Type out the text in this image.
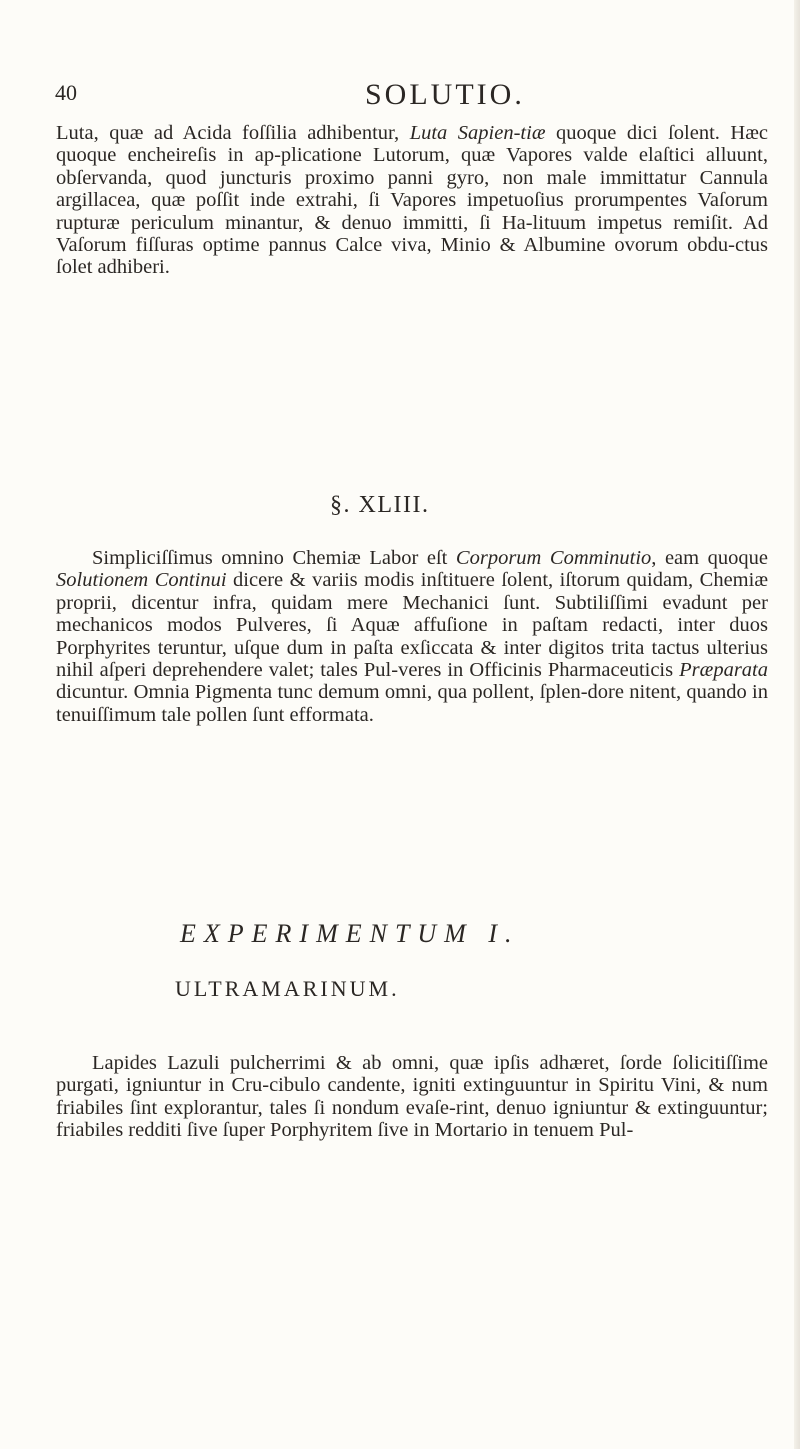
40	SOLUTIO.

Luta, quæ ad Acida foſſilia adhibentur, Luta Sapien-tiæ quoque dici ſolent. Hæc quoque encheireſis in ap-plicatione Lutorum, quæ Vapores valde elaſtici alluunt, obſervanda, quod juncturis proximo panni gyro, non male immittatur Cannula argillacea, quæ poſſit inde extrahi, ſi Vapores impetuoſius prorumpentes Vaſorum rupturæ periculum minantur, & denuo immitti, ſi Ha-lituum impetus remiſit. Ad Vaſorum fiſſuras optime pannus Calce viva, Minio & Albumine ovorum obdu-ctus ſolet adhiberi.

§. XLIII.

Simpliciſſimus omnino Chemiæ Labor eſt Corporum Comminutio, eam quoque Solutionem Continui dicere & variis modis inſtituere ſolent, iſtorum quidam, Chemiæ proprii, dicentur infra, quidam mere Mechanici ſunt. Subtiliſſimi evadunt per mechanicos modos Pulveres, ſi Aquæ affuſione in paſtam redacti, inter duos Porphyrites teruntur, uſque dum in paſta exſiccata & inter digitos trita tactus ulterius nihil aſperi deprehendere valet; tales Pul-veres in Officinis Pharmaceuticis Præparata dicuntur. Omnia Pigmenta tunc demum omni, qua pollent, ſplen-dore nitent, quando in tenuiſſimum tale pollen ſunt efformata.

EXPERIMENTUM I.
ULTRAMARINUM.

Lapides Lazuli pulcherrimi & ab omni, quæ ipſis adhæret, ſorde ſolicitiſſime purgati, igniuntur in Cru-cibulo candente, igniti extinguuntur in Spiritu Vini, & num friabiles ſint explorantur, tales ſi nondum evaſe-rint, denuo igniuntur & extinguuntur; friabiles redditi ſive ſuper Porphyritem ſive in Mortario in tenuem Pul-
